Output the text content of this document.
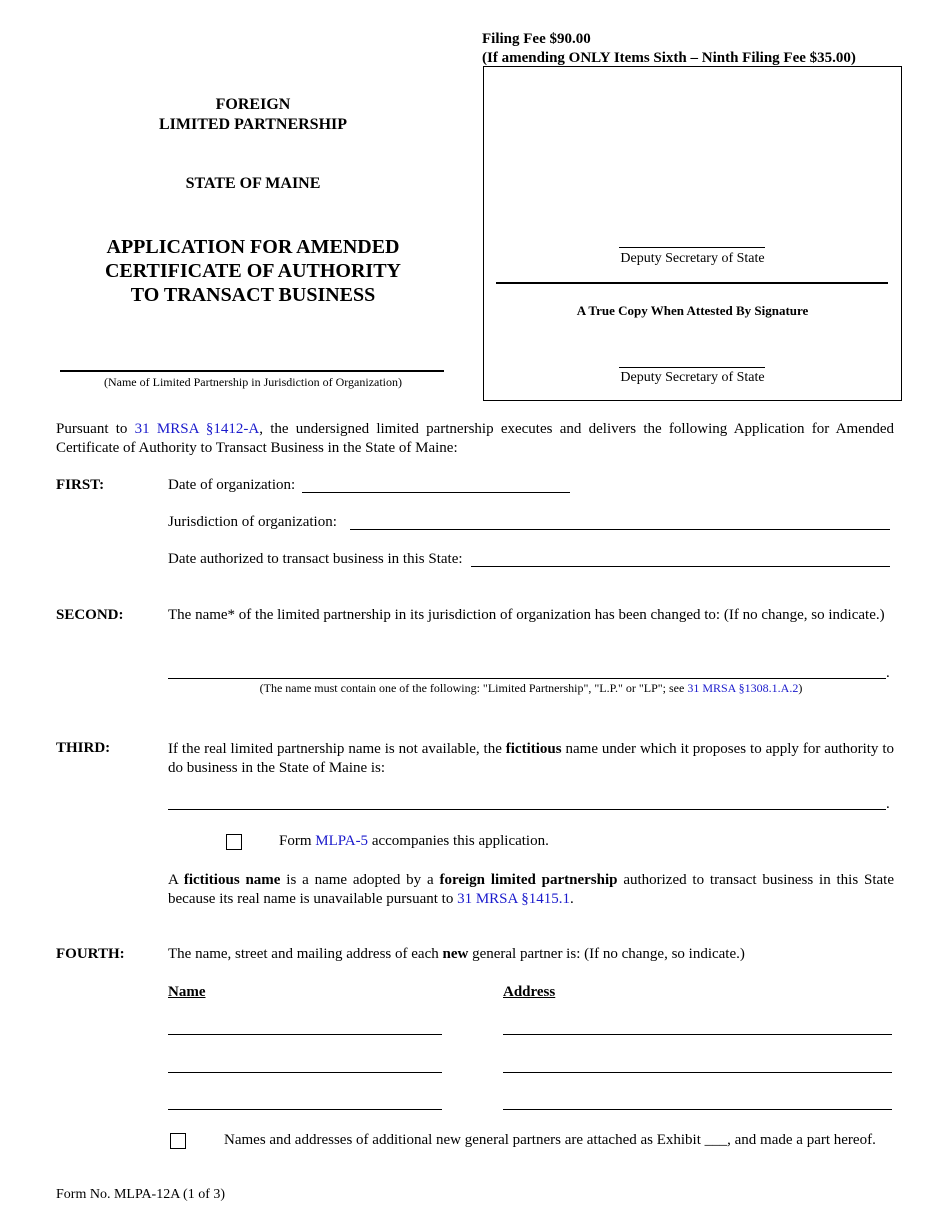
Filing Fee $90.00
(If amending ONLY Items Sixth – Ninth Filing Fee $35.00)
FOREIGN
LIMITED PARTNERSHIP
STATE OF MAINE
APPLICATION FOR AMENDED
CERTIFICATE OF AUTHORITY
TO TRANSACT BUSINESS
(Name of Limited Partnership in Jurisdiction of Organization)
Deputy Secretary of State
A True Copy When Attested By Signature
Deputy Secretary of State
Pursuant to 31 MRSA §1412-A, the undersigned limited partnership executes and delivers the following Application for Amended Certificate of Authority to Transact Business in the State of Maine:
FIRST:	Date of organization:
Jurisdiction of organization:
Date authorized to transact business in this State:
SECOND:	The name* of the limited partnership in its jurisdiction of organization has been changed to: (If no change, so indicate.)
.
(The name must contain one of the following: "Limited Partnership", "L.P." or "LP"; see 31 MRSA §1308.1.A.2)
THIRD:	If the real limited partnership name is not available, the fictitious name under which it proposes to apply for authority to do business in the State of Maine is:
.
Form MLPA-5 accompanies this application.
A fictitious name is a name adopted by a foreign limited partnership authorized to transact business in this State because its real name is unavailable pursuant to 31 MRSA §1415.1.
FOURTH:	The name, street and mailing address of each new general partner is: (If no change, so indicate.)
Name	Address
Names and addresses of additional new general partners are attached as Exhibit ___, and made a part hereof.
Form No. MLPA-12A (1 of 3)
